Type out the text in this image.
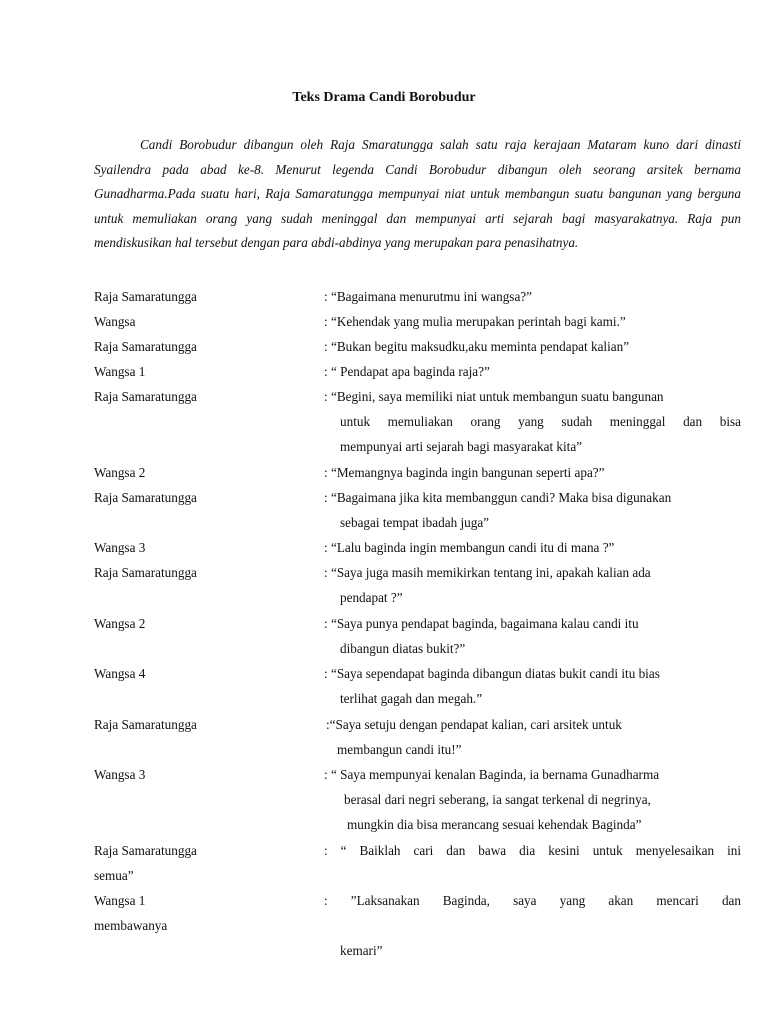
Teks Drama Candi Borobudur
Candi Borobudur dibangun oleh Raja Smaratungga salah satu raja kerajaan Mataram kuno dari dinasti Syailendra pada abad ke-8. Menurut legenda Candi Borobudur dibangun oleh seorang arsitek bernama Gunadharma.Pada suatu hari, Raja Samaratungga mempunyai niat untuk membangun suatu bangunan yang berguna untuk memuliakan orang yang sudah meninggal dan mempunyai arti sejarah bagi masyarakatnya. Raja pun mendiskusikan hal tersebut dengan para abdi-abdinya yang merupakan para penasihatnya.
Raja Samaratungga	: “Bagaimana menurutmu ini wangsa?”
Wangsa	: “Kehendak yang mulia merupakan perintah bagi kami.”
Raja Samaratungga	: “Bukan begitu maksudku,aku meminta pendapat kalian”
Wangsa 1	: “ Pendapat apa baginda raja?”
Raja Samaratungga	: “Begini, saya memiliki niat untuk membangun suatu bangunan
untuk memuliakan orang yang sudah meninggal dan bisa
mempunyai arti sejarah bagi masyarakat kita”
Wangsa 2	: “Memangnya baginda ingin bangunan seperti apa?”
Raja Samaratungga	: “Bagaimana jika kita membanggun candi? Maka bisa digunakan
sebagai tempat ibadah juga”
Wangsa 3	: “Lalu baginda ingin membangun candi itu di mana ?”
Raja Samaratungga	: “Saya juga masih memikirkan tentang ini, apakah kalian ada
pendapat ?”
Wangsa 2	: “Saya punya pendapat baginda, bagaimana kalau candi itu
dibangun diatas bukit?”
Wangsa 4	: “Saya sependapat baginda dibangun diatas bukit candi itu bias
terlihat gagah dan megah.”
Raja Samaratungga	:“Saya setuju dengan pendapat kalian, cari arsitek untuk
membangun candi itu!”
Wangsa 3	: “ Saya mempunyai kenalan Baginda, ia bernama Gunadharma
berasal dari negri seberang, ia sangat terkenal di negrinya,
mungkin dia bisa merancang sesuai kehendak Baginda”
Raja Samaratungga	: “ Baiklah cari dan bawa dia kesini untuk menyelesaikan ini
semua”
Wangsa 1	: ”Laksanakan Baginda, saya yang akan mencari dan
membawanya
kemari”
